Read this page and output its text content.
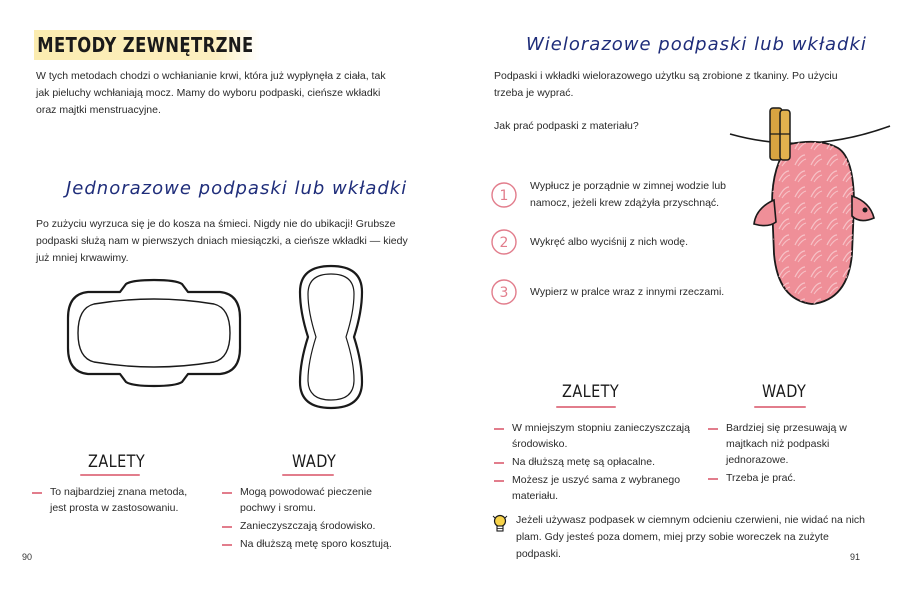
METODY ZEWNĘTRZNE

W tych metodach chodzi o wchłanianie krwi, która już wypłynęła z ciała, tak jak pieluchy wchłaniają mocz. Mamy do wyboru podpaski, cieńsze wkładki oraz majtki menstruacyjne.

Jednorazowe podpaski lub wkładki

Po zużyciu wyrzuca się je do kosza na śmieci. Nigdy nie do ubikacji! Grubsze podpaski służą nam w pierwszych dniach miesiączki, a cieńsze wkładki — kiedy już mniej krwawimy.

ZALETY	WADY
To najbardziej znana metoda, jest prosta w zastosowaniu.
Mogą powodować pieczenie pochwy i sromu.
Zanieczyszczają środowisko.
Na dłuższą metę sporo kosztują.
90
Wielorazowe podpaski lub wkładki

Podpaski i wkładki wielorazowego użytku są zrobione z tkaniny. Po użyciu trzeba je wyprać.

Jak prać podpaski z materiału?

1
Wypłucz je porządnie w zimnej wodzie lub namocz, jeżeli krew zdążyła przyschnąć.
2 Wykręć albo wyciśnij z nich wodę.
3 Wypierz w pralce wraz z innymi rzeczami.
ZALETY	WADY
W mniejszym stopniu zanieczyszczają środowisko.
Na dłuższą metę są opłacalne.
Możesz je uszyć sama z wybranego materiału.
Bardziej się przesuwają w majtkach niż podpaski jednorazowe.
Trzeba je prać.
Jeżeli używasz podpasek w ciemnym odcieniu czerwieni, nie widać na nich plam. Gdy jesteś poza domem, miej przy sobie woreczek na zużyte podpaski.	91
